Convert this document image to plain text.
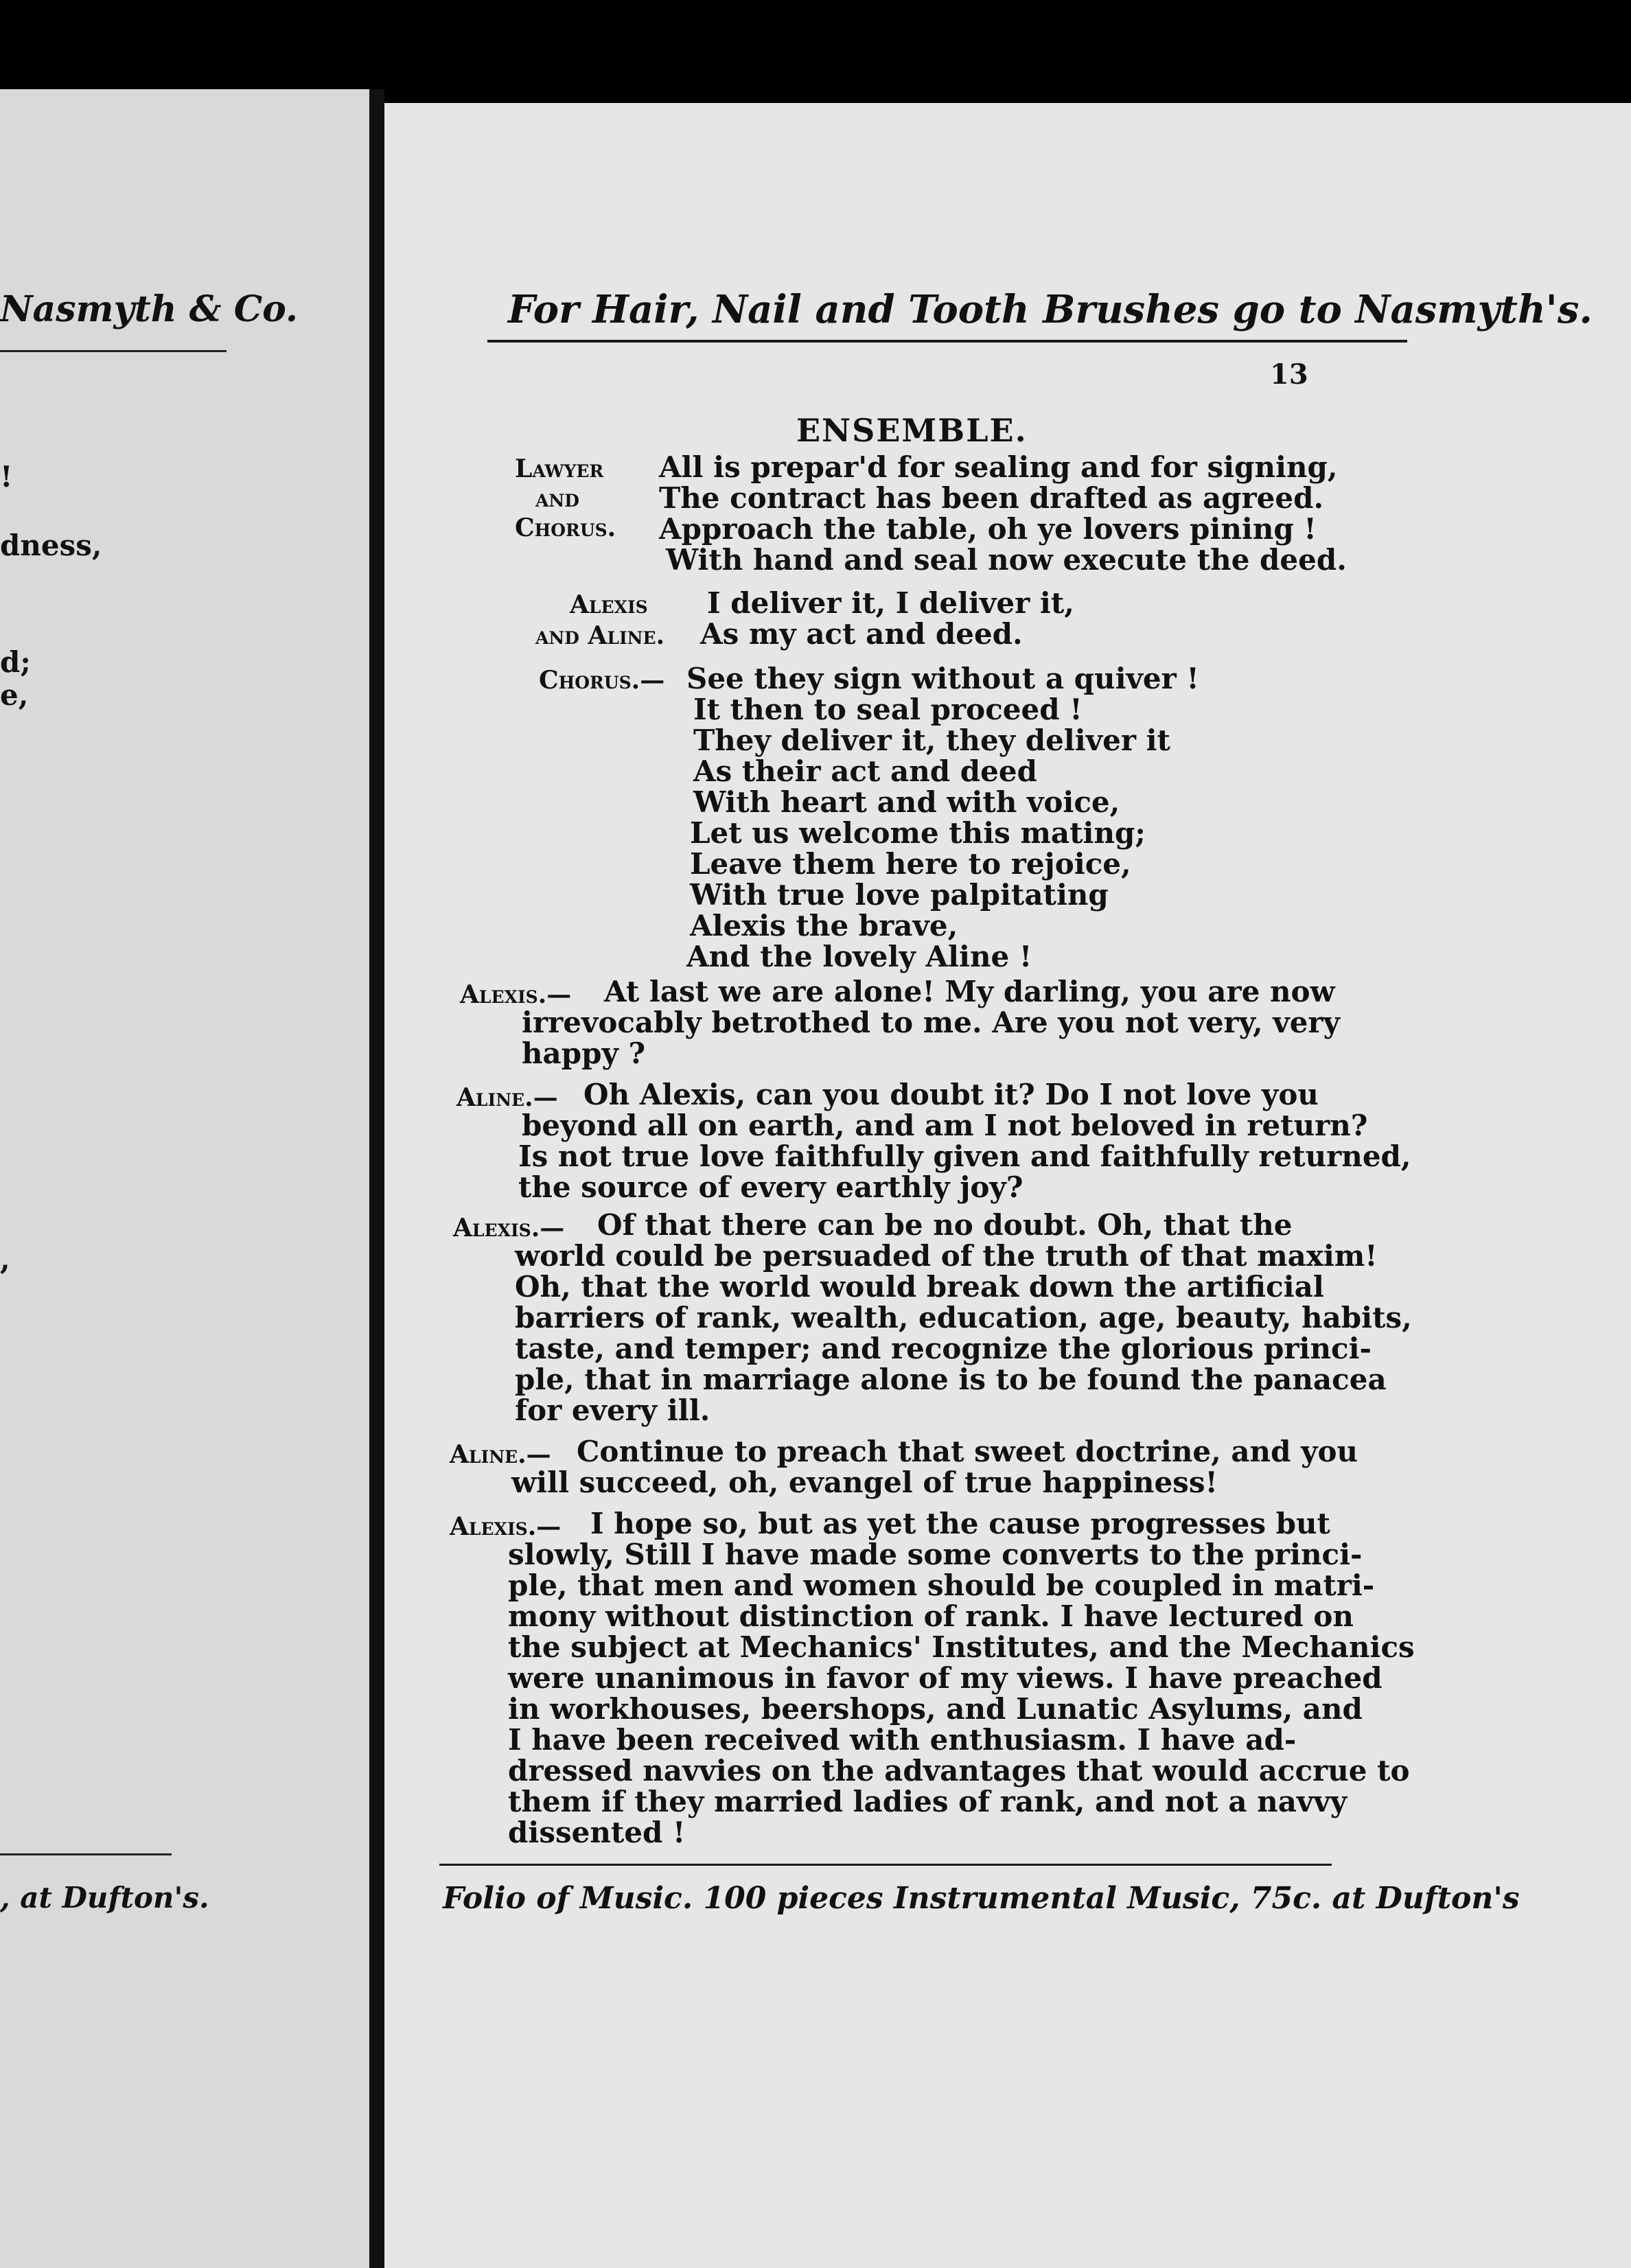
Nasmyth & Co.
!
dness,
d;
e,
,
, at Dufton's.
For Hair, Nail and Tooth Brushes go to Nasmyth's.
13
ENSEMBLE.
Lawyer
and
Chorus.
All is prepar'd for sealing and for signing,
The contract has been drafted as agreed.
Approach the table, oh ye lovers pining !
With hand and seal now execute the deed.
Alexis
and Aline.
I deliver it, I deliver it,
As my act and deed.
Chorus.— See they sign without a quiver !
It then to seal proceed !
They deliver it, they deliver it
As their act and deed
With heart and with voice,
Let us welcome this mating;
Leave them here to rejoice,
With true love palpitating
Alexis the brave,
And the lovely Aline !
Alexis.— At last we are alone! My darling, you are now
irrevocably betrothed to me. Are you not very, very
happy ?
Aline.— Oh Alexis, can you doubt it? Do I not love you
beyond all on earth, and am I not beloved in return?
Is not true love faithfully given and faithfully returned,
the source of every earthly joy?
Alexis.— Of that there can be no doubt. Oh, that the
world could be persuaded of the truth of that maxim!
Oh, that the world would break down the artificial
barriers of rank, wealth, education, age, beauty, habits,
taste, and temper; and recognize the glorious princi-
ple, that in marriage alone is to be found the panacea
for every ill.
Aline.— Continue to preach that sweet doctrine, and you
will succeed, oh, evangel of true happiness!
Alexis.— I hope so, but as yet the cause progresses but
slowly, Still I have made some converts to the princi-
ple, that men and women should be coupled in matri-
mony without distinction of rank. I have lectured on
the subject at Mechanics' Institutes, and the Mechanics
were unanimous in favor of my views. I have preached
in workhouses, beershops, and Lunatic Asylums, and
I have been received with enthusiasm. I have ad-
dressed navvies on the advantages that would accrue to
them if they married ladies of rank, and not a navvy
dissented !
Folio of Music. 100 pieces Instrumental Music, 75c. at Dufton's
